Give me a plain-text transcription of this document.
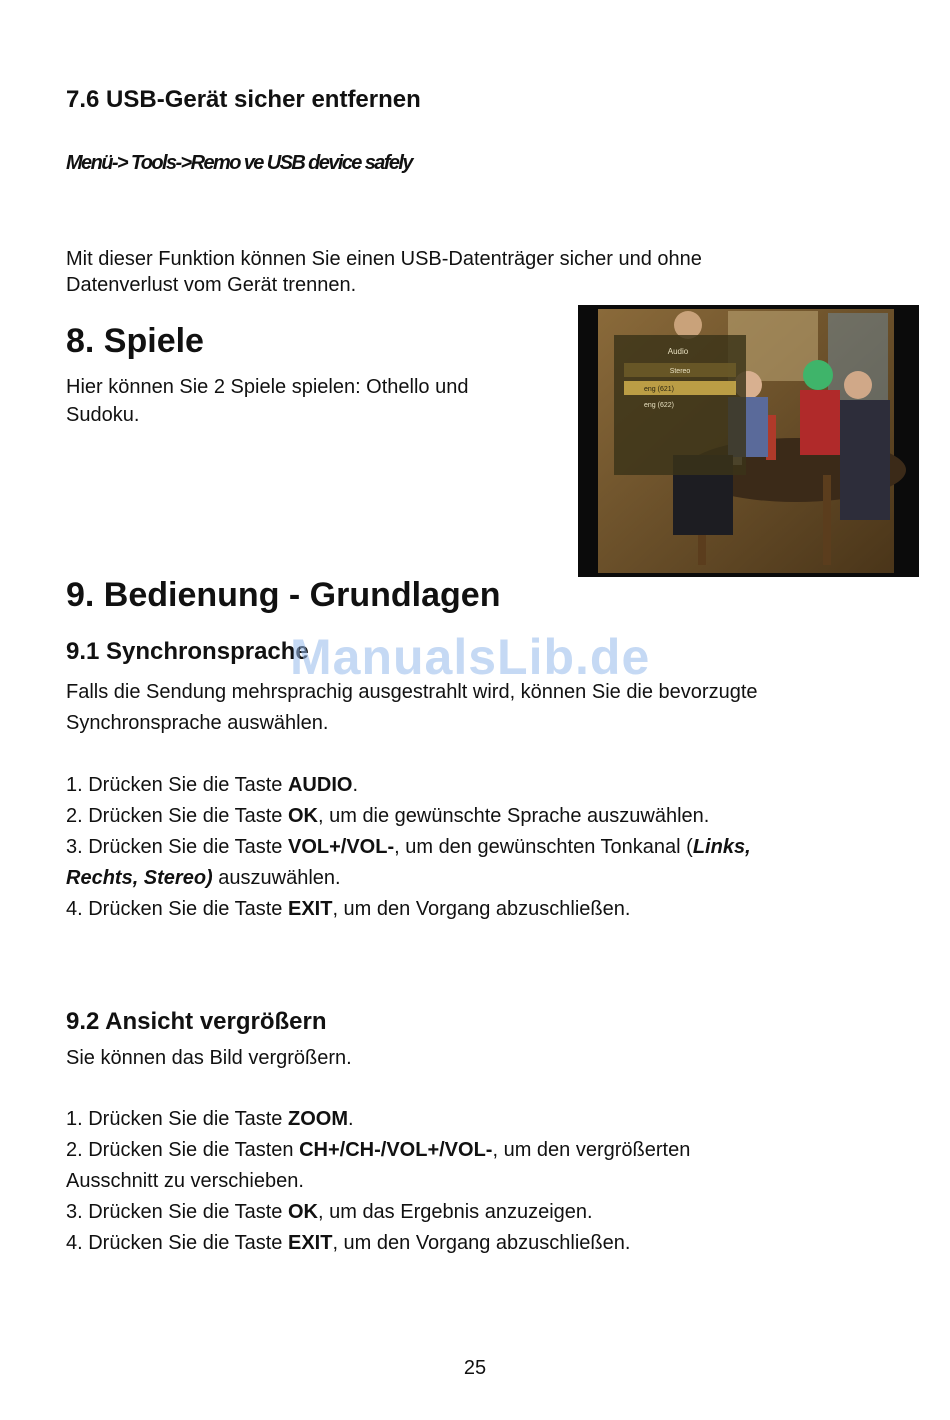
7.6 USB-Gerät sicher entfernen
Menü-> Tools->Remo ve USB device safely
Mit dieser Funktion können Sie einen USB-Datenträger sicher und ohne
Datenverlust vom Gerät trennen.
8. Spiele
Hier können Sie 2 Spiele spielen: Othello und
Sudoku.
Audio
Stereo
eng (621)
eng (622)
9. Bedienung - Grundlagen
9.1 Synchronsprache
Falls die Sendung mehrsprachig ausgestrahlt wird, können Sie die bevorzugte
Synchronsprache auswählen.
1. Drücken Sie die Taste AUDIO.
2. Drücken Sie die Taste OK, um die gewünschte Sprache auszuwählen.
3. Drücken Sie die Taste VOL+/VOL-, um den gewünschten Tonkanal (Links,
Rechts, Stereo) auszuwählen.
4. Drücken Sie die Taste EXIT, um den Vorgang abzuschließen.
9.2 Ansicht vergrößern
Sie können das Bild vergrößern.
1. Drücken Sie die Taste ZOOM.
2. Drücken Sie die Tasten CH+/CH-/VOL+/VOL-, um den vergrößerten
Ausschnitt zu verschieben.
3. Drücken Sie die Taste OK, um das Ergebnis anzuzeigen.
4. Drücken Sie die Taste EXIT, um den Vorgang abzuschließen.
ManualsLib.de
25
